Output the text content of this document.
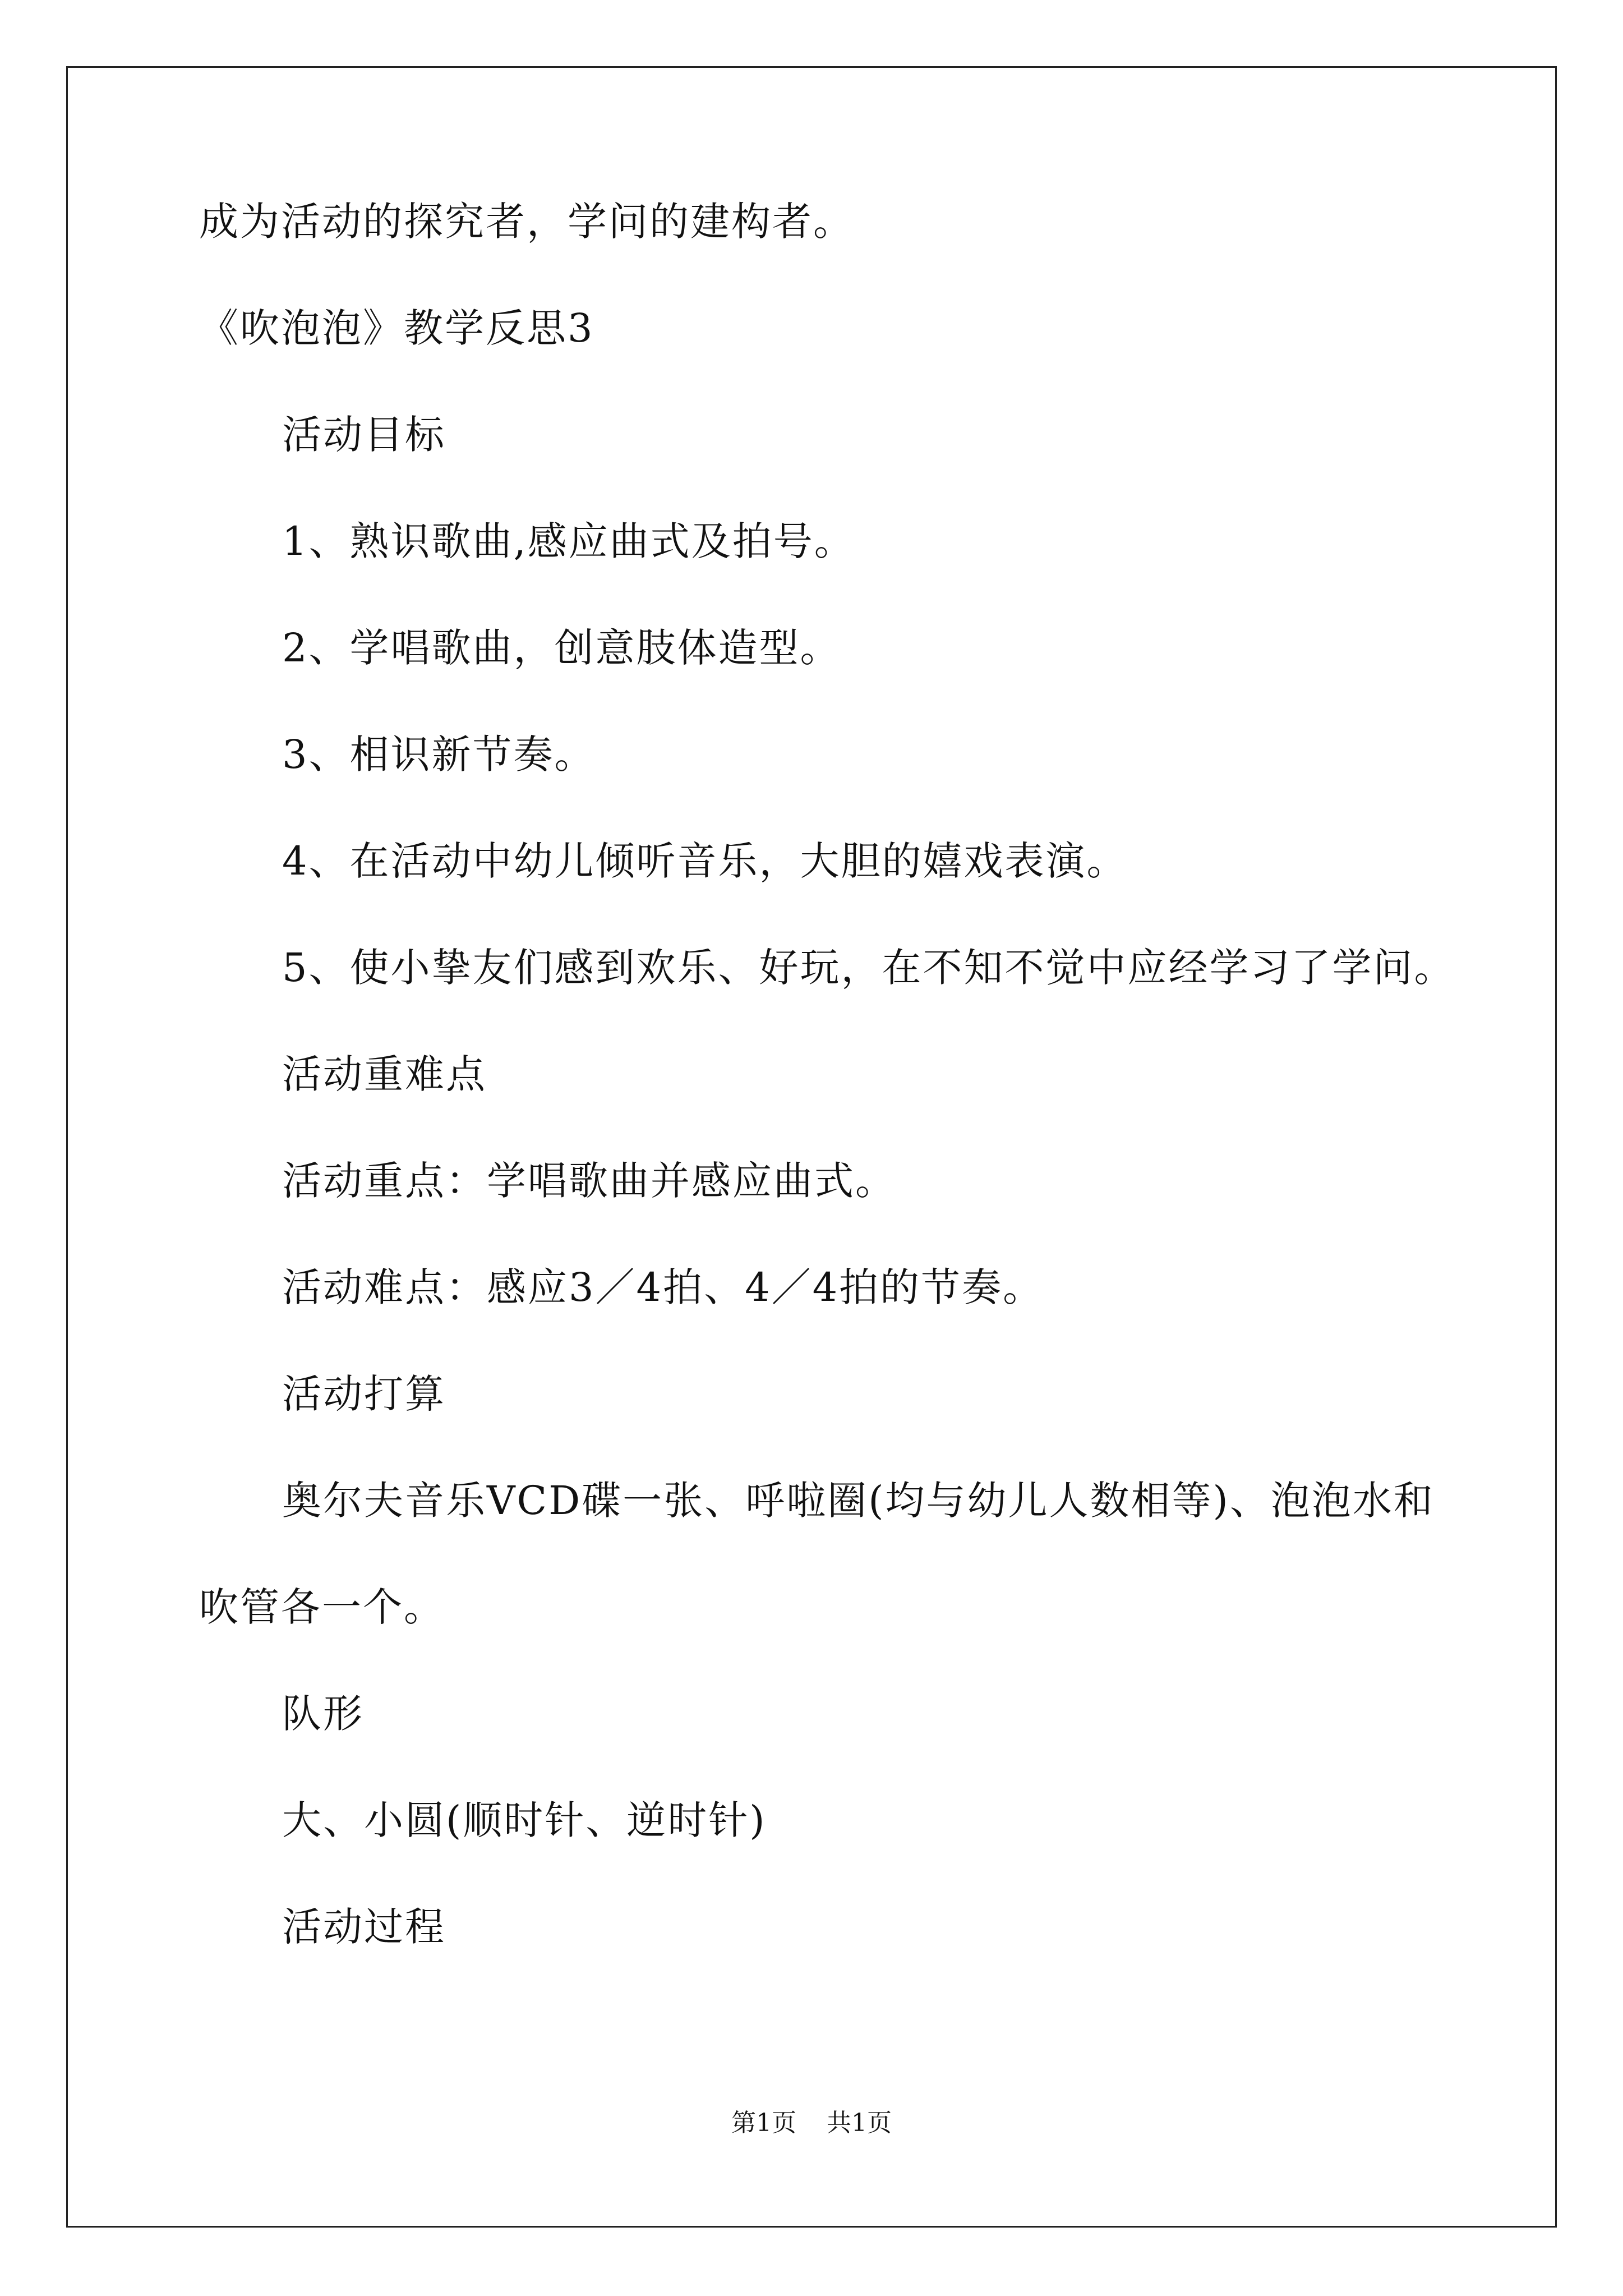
成为活动的探究者，学问的建构者。
《吹泡泡》教学反思3
活动目标
1、熟识歌曲,感应曲式及拍号。
2、学唱歌曲，创意肢体造型。
3、相识新节奏。
4、在活动中幼儿倾听音乐，大胆的嬉戏表演。
5、使小挚友们感到欢乐、好玩，在不知不觉中应经学习了学问。
活动重难点
活动重点：学唱歌曲并感应曲式。
活动难点：感应3／4拍、4／4拍的节奏。
活动打算
奥尔夫音乐VCD碟一张、呼啦圈(均与幼儿人数相等)、泡泡水和
吹管各一个。
队形
大、小圆(顺时针、逆时针)
活动过程
第1页 共1页
